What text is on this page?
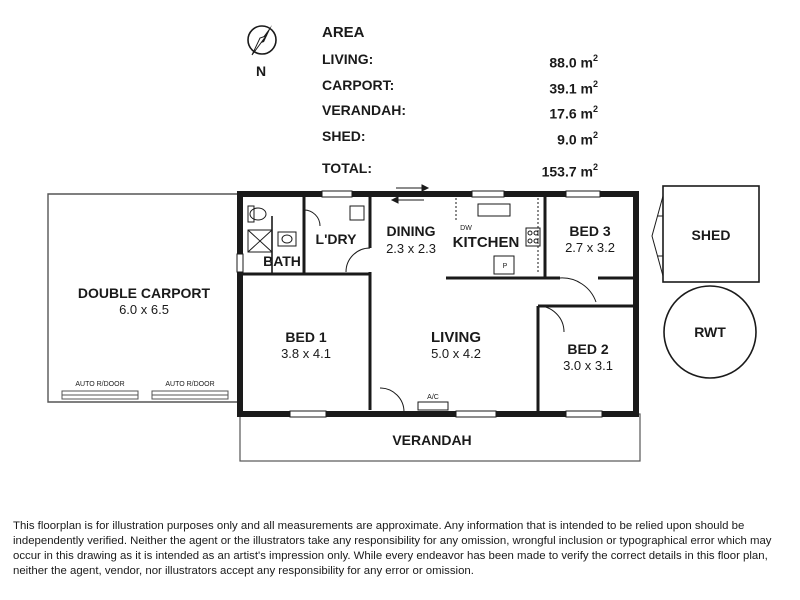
N
DOUBLE CARPORT
6.0 x 6.5
AUTO R/DOOR	AUTO R/DOOR
VERANDAH
BATH
L'DRY DINING
2.3 x 2.3 KITCHEN
DW
P
BED 3
2.7 x 3.2
BED 1
3.8 x 4.1
LIVING
5.0 x 4.2
A/C
BED 2
3.0 x 3.1
SHED
RWT
AREA
LIVING:	88.0 $m^2$
CARPORT:	39.1 $m^2$
VERANDAH:	17.6 $m^2$
SHED:	9.0 $m^2$
TOTAL:	153.7 $m^2$
This floorplan is for illustration purposes only and all measurements are approximate. Any information that is intended to be relied upon should be independently verified. Neither the agent or the illustrators take any responsibility for any omission, wrongful inclusion or typographical error which may occur in this drawing as it is intended as an artist's impression only. While every endeavor has been made to verify the correct details in this floor plan, neither the agent, vendor, nor illustrators accept any responsibility for any error or omission.
